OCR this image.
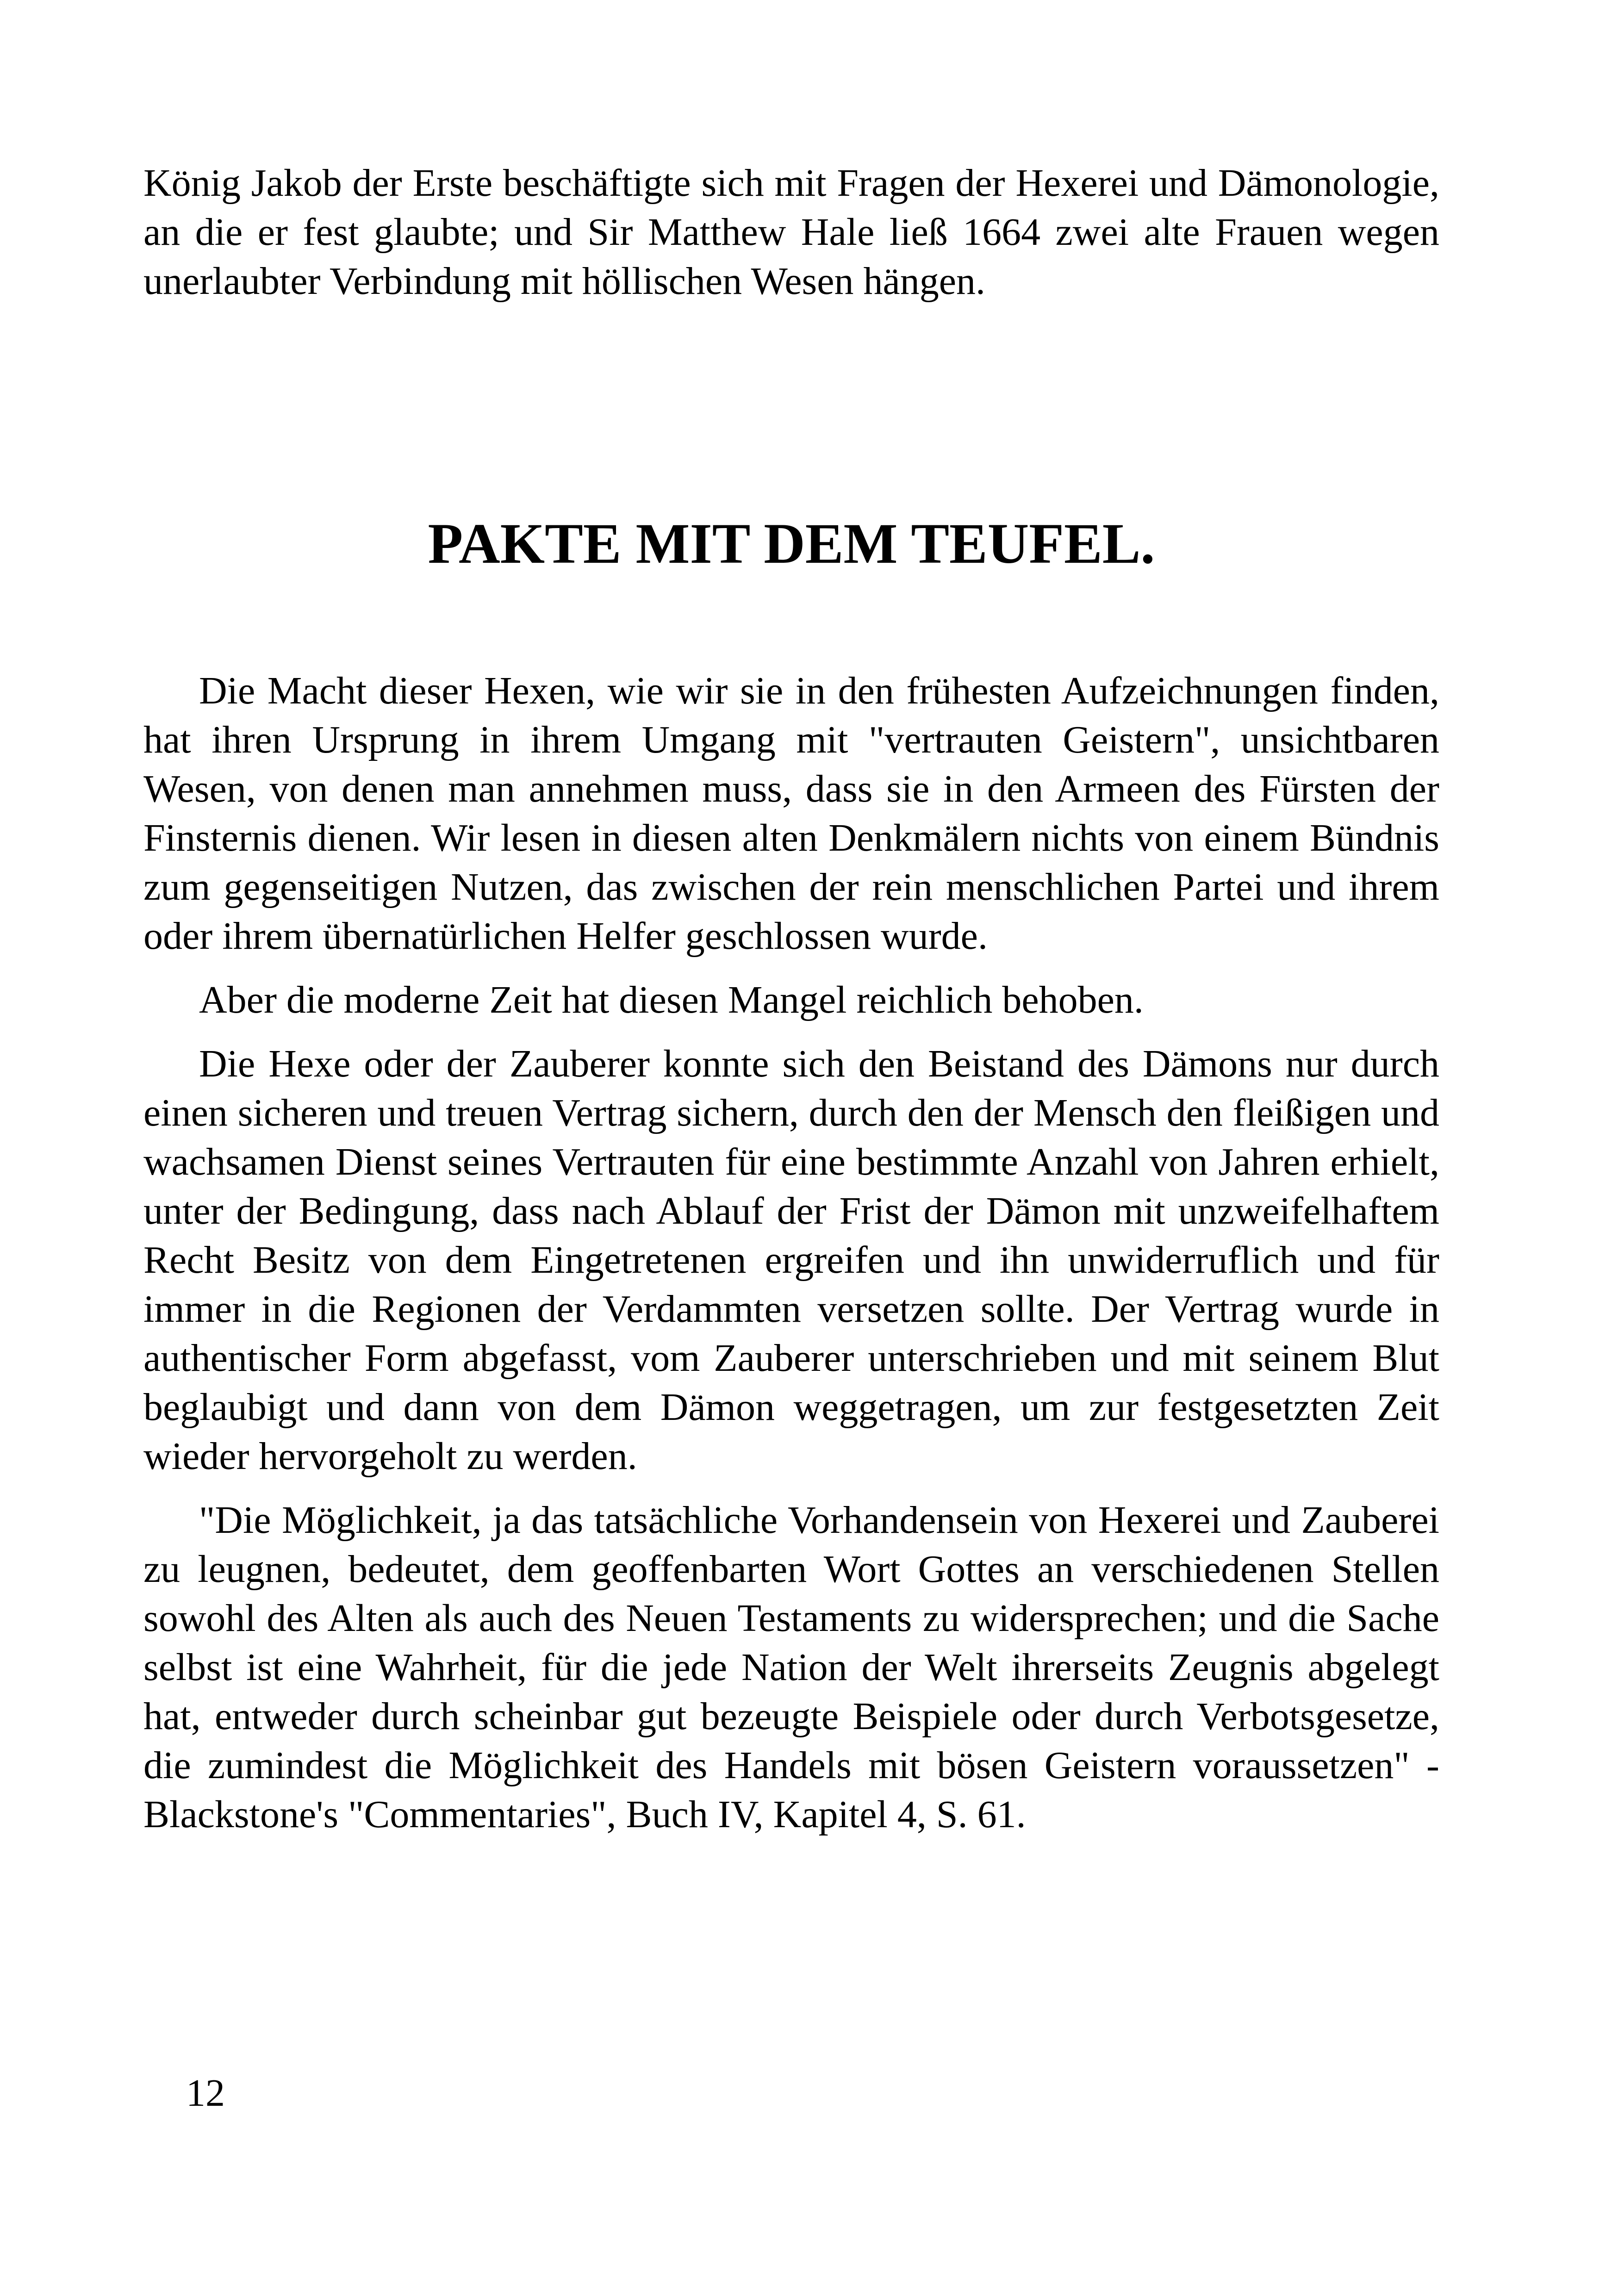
König Jakob der Erste beschäftigte sich mit Fragen der Hexerei und Dämonologie, an die er fest glaubte; und Sir Matthew Hale ließ 1664 zwei alte Frauen wegen unerlaubter Verbindung mit höllischen Wesen hängen.

PAKTE MIT DEM TEUFEL.

Die Macht dieser Hexen, wie wir sie in den frühesten Aufzeichnungen finden, hat ihren Ursprung in ihrem Umgang mit "vertrauten Geistern", unsichtbaren Wesen, von denen man annehmen muss, dass sie in den Armeen des Fürsten der Finsternis dienen. Wir lesen in diesen alten Denkmälern nichts von einem Bündnis zum gegenseitigen Nutzen, das zwischen der rein menschlichen Partei und ihrem oder ihrem übernatürlichen Helfer geschlossen wurde.

Aber die moderne Zeit hat diesen Mangel reichlich behoben.

Die Hexe oder der Zauberer konnte sich den Beistand des Dämons nur durch einen sicheren und treuen Vertrag sichern, durch den der Mensch den fleißigen und wachsamen Dienst seines Vertrauten für eine bestimmte Anzahl von Jahren erhielt, unter der Bedingung, dass nach Ablauf der Frist der Dämon mit unzweifelhaftem Recht Besitz von dem Eingetretenen ergreifen und ihn unwiderruflich und für immer in die Regionen der Verdammten versetzen sollte. Der Vertrag wurde in authentischer Form abgefasst, vom Zauberer unterschrieben und mit seinem Blut beglaubigt und dann von dem Dämon weggetragen, um zur festgesetzten Zeit wieder hervorgeholt zu werden.

"Die Möglichkeit, ja das tatsächliche Vorhandensein von Hexerei und Zauberei zu leugnen, bedeutet, dem geoffenbarten Wort Gottes an verschiedenen Stellen sowohl des Alten als auch des Neuen Testaments zu widersprechen; und die Sache selbst ist eine Wahrheit, für die jede Nation der Welt ihrerseits Zeugnis abgelegt hat, entweder durch scheinbar gut bezeugte Beispiele oder durch Verbotsgesetze, die zumindest die Möglichkeit des Handels mit bösen Geistern voraussetzen" - Blackstone's "Commentaries", Buch IV, Kapitel 4, S. 61.

12
